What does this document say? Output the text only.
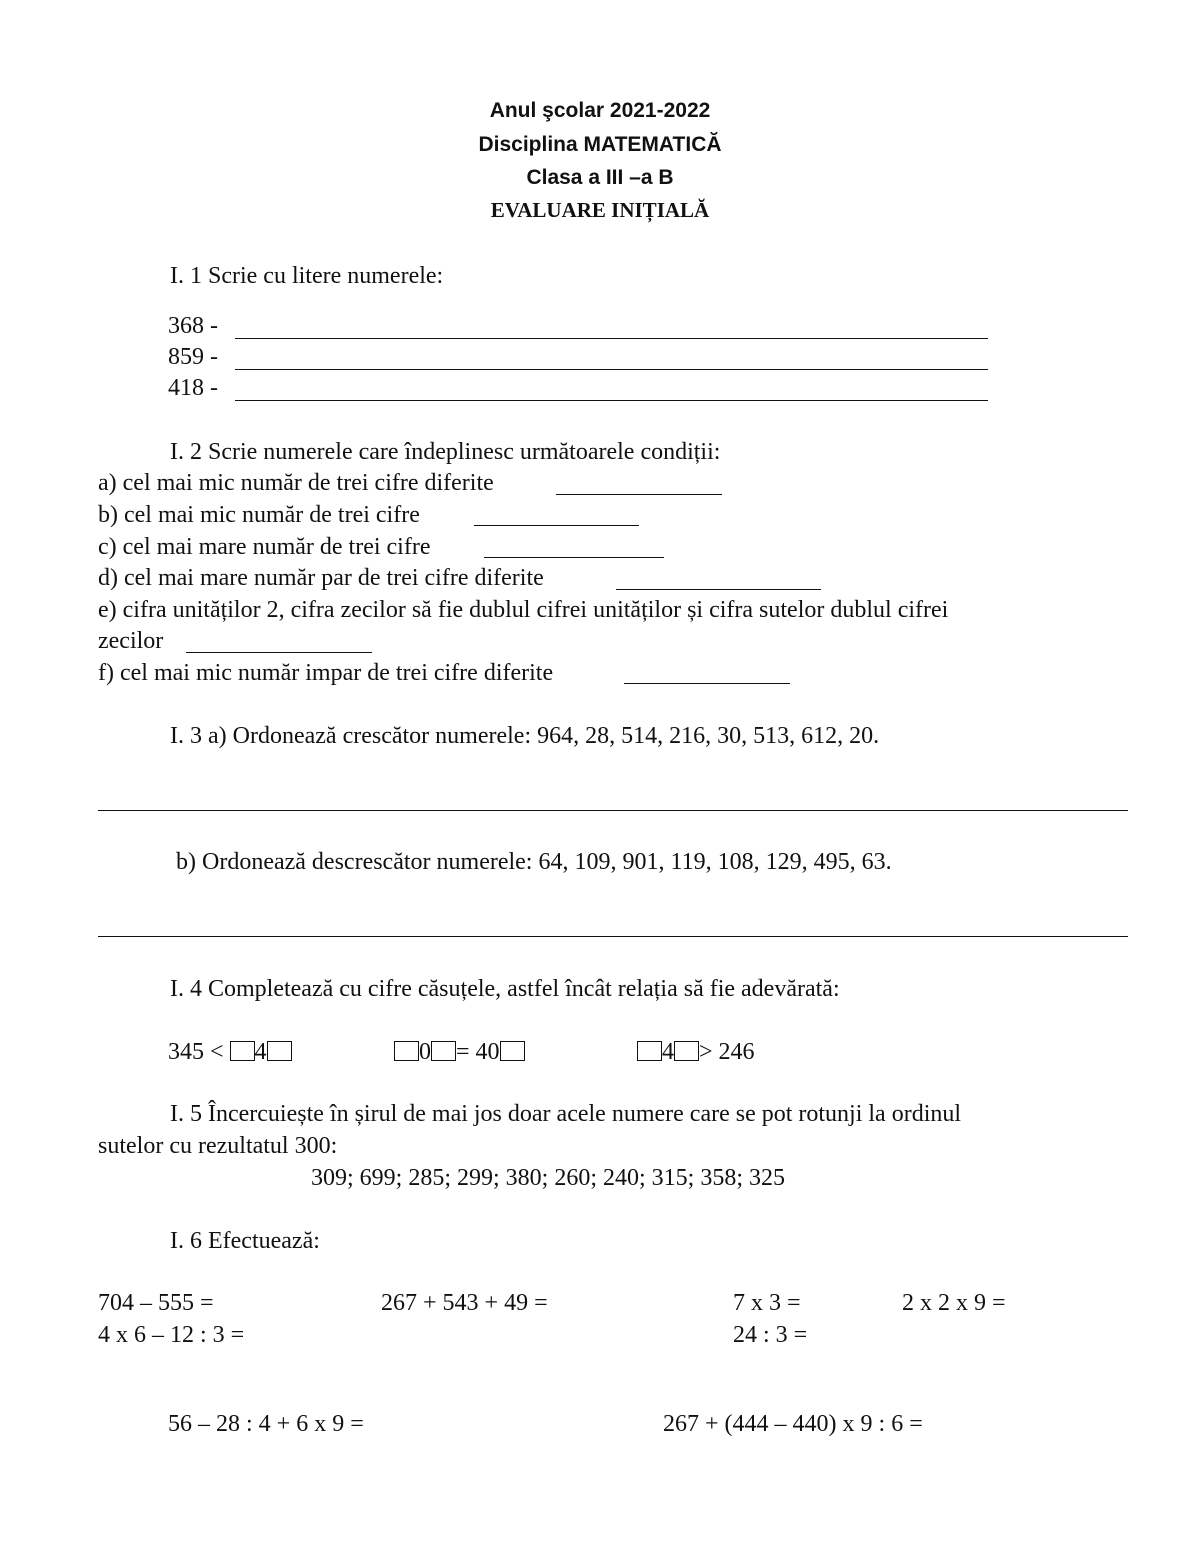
Anul şcolar 2021-2022
Disciplina MATEMATICĂ
Clasa a III –a B
EVALUARE INIȚIALĂ
I. 1 Scrie cu litere numerele:
368 -
859 -
418 -
I. 2 Scrie numerele care îndeplinesc următoarele condiții:
a) cel mai mic număr de trei cifre diferite
b) cel mai mic număr de trei cifre
c) cel mai mare număr de trei cifre
d) cel mai mare număr par de trei cifre diferite
e) cifra unităților 2, cifra zecilor să fie dublul cifrei unităților și cifra sutelor dublul cifrei
zecilor
f) cel mai mic număr impar de trei cifre diferite
I. 3 a) Ordonează crescător numerele: 964, 28, 514, 216, 30, 513, 612, 20.
b) Ordonează descrescător numerele: 64, 109, 901, 119, 108, 129, 495, 63.
I. 4 Completează cu cifre căsuțele, astfel încât relația să fie adevărată:
345 < 4	0 = 40	4 > 246
I. 5 Încercuiește în șirul de mai jos doar acele numere care se pot rotunji la ordinul
sutelor cu rezultatul 300:
309; 699; 285; 299; 380; 260; 240; 315; 358; 325
I. 6 Efectuează:
704 – 555 =	267 + 543 + 49 =	7 x 3 =	2 x 2 x 9 =
4 x 6 – 12 : 3 =	24 : 3 =
56 – 28 : 4 + 6 x 9 =	267 + (444 – 440) x 9 : 6 =
